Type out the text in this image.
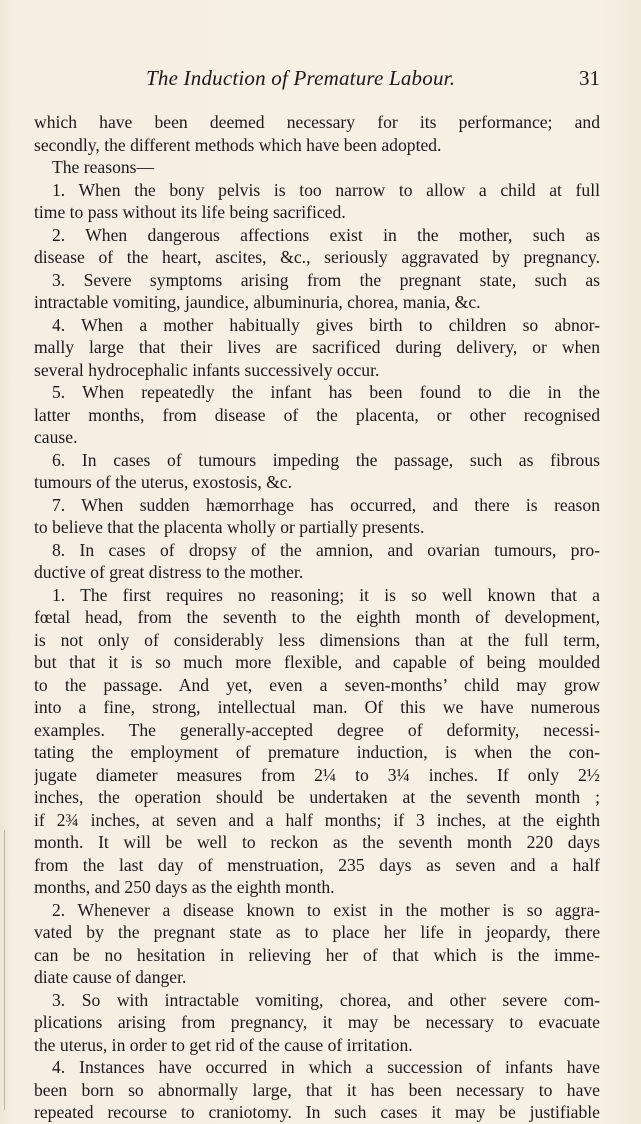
The Induction of Premature Labour.	31
which have been deemed necessary for its performance; and
secondly, the different methods which have been adopted.
The reasons—
1. When the bony pelvis is too narrow to allow a child at full
time to pass without its life being sacrificed.
2. When dangerous affections exist in the mother, such as
disease of the heart, ascites, &c., seriously aggravated by pregnancy.
3. Severe symptoms arising from the pregnant state, such as
intractable vomiting, jaundice, albuminuria, chorea, mania, &c.
4. When a mother habitually gives birth to children so abnor-
mally large that their lives are sacrificed during delivery, or when
several hydrocephalic infants successively occur.
5. When repeatedly the infant has been found to die in the
latter months, from disease of the placenta, or other recognised
cause.
6. In cases of tumours impeding the passage, such as fibrous
tumours of the uterus, exostosis, &c.
7. When sudden hæmorrhage has occurred, and there is reason
to believe that the placenta wholly or partially presents.
8. In cases of dropsy of the amnion, and ovarian tumours, pro-
ductive of great distress to the mother.
1. The first requires no reasoning; it is so well known that a
fœtal head, from the seventh to the eighth month of development,
is not only of considerably less dimensions than at the full term,
but that it is so much more flexible, and capable of being moulded
to the passage. And yet, even a seven-months’ child may grow
into a fine, strong, intellectual man. Of this we have numerous
examples. The generally-accepted degree of deformity, necessi-
tating the employment of premature induction, is when the con-
jugate diameter measures from 2¼ to 3¼ inches. If only 2½
inches, the operation should be undertaken at the seventh month ;
if 2¾ inches, at seven and a half months; if 3 inches, at the eighth
month. It will be well to reckon as the seventh month 220 days
from the last day of menstruation, 235 days as seven and a half
months, and 250 days as the eighth month.
2. Whenever a disease known to exist in the mother is so aggra-
vated by the pregnant state as to place her life in jeopardy, there
can be no hesitation in relieving her of that which is the imme-
diate cause of danger.
3. So with intractable vomiting, chorea, and other severe com-
plications arising from pregnancy, it may be necessary to evacuate
the uterus, in order to get rid of the cause of irritation.
4. Instances have occurred in which a succession of infants have
been born so abnormally large, that it has been necessary to have
repeated recourse to craniotomy. In such cases it may be justifiable
